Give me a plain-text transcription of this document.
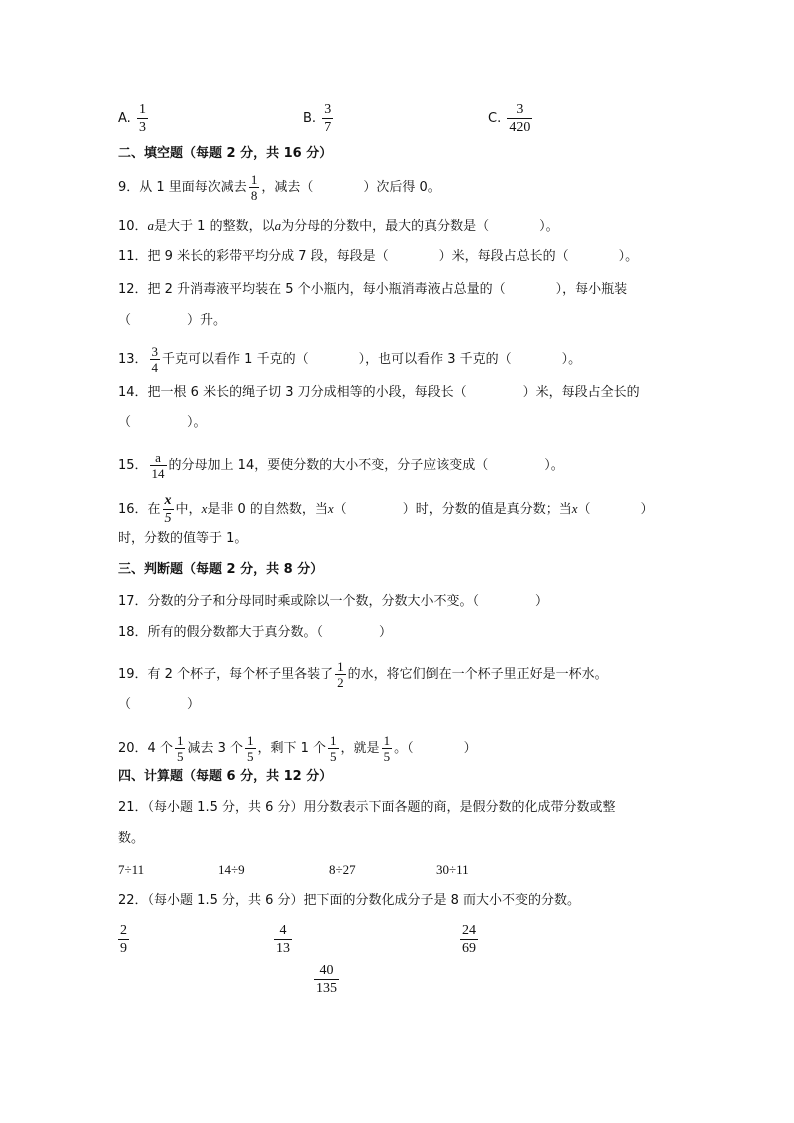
A. $\frac{1}{3}$	B. $\frac{3}{7}$	C. $\frac{3}{420}$
二、填空题（每题 2 分，共 16 分）
9．从 1 里面每次减去 $\frac{1}{8}$ ，减去（	）次后得 0。
10．a是大于 1 的整数，以a为分母的分数中，最大的真分数是（	）。
11．把 9 米长的彩带平均分成 7 段，每段是（	）米，每段占总长的（	）。
12．把 2 升消毒液平均装在 5 个小瓶内，每小瓶消毒液占总量的（	），每小瓶装
（	）升。
13． $\frac{3}{4}$ 千克可以看作 1 千克的（	），也可以看作 3 千克的（	）。
14．把一根 6 米长的绳子切 3 刀分成相等的小段，每段长（	）米，每段占全长的
（	）。
15． $\frac{a}{14}$ 的分母加上 14，要使分数的大小不变，分子应该变成（	）。
16．在 $\frac{x}{5}$ 中，x是非 0 的自然数，当x（	）时，分数的值是真分数；当x（	）
时，分数的值等于 1。
三、判断题（每题 2 分，共 8 分）
17．分数的分子和分母同时乘或除以一个数，分数大小不变。（	）
18．所有的假分数都大于真分数。（	）
19．有 2 个杯子，每个杯子里各装了 $\frac{1}{2}$ 的水，将它们倒在一个杯子里正好是一杯水。
（	）
20．4 个 $\frac{1}{5}$ 减去 3 个 $\frac{1}{5}$ ，剩下 1 个 $\frac{1}{5}$ ，就是 $\frac{1}{5}$ 。（	）
四、计算题（每题 6 分，共 12 分）
21．（每小题 1.5 分，共 6 分）用分数表示下面各题的商，是假分数的化成带分数或整
数。
7÷11	14÷9	8÷27	30÷11
22．（每小题 1.5 分，共 6 分）把下面的分数化成分子是 8 而大小不变的分数。
$\frac{2}{9}$	$\frac{4}{13}$	$\frac{24}{69}$
$\frac{40}{135}$
